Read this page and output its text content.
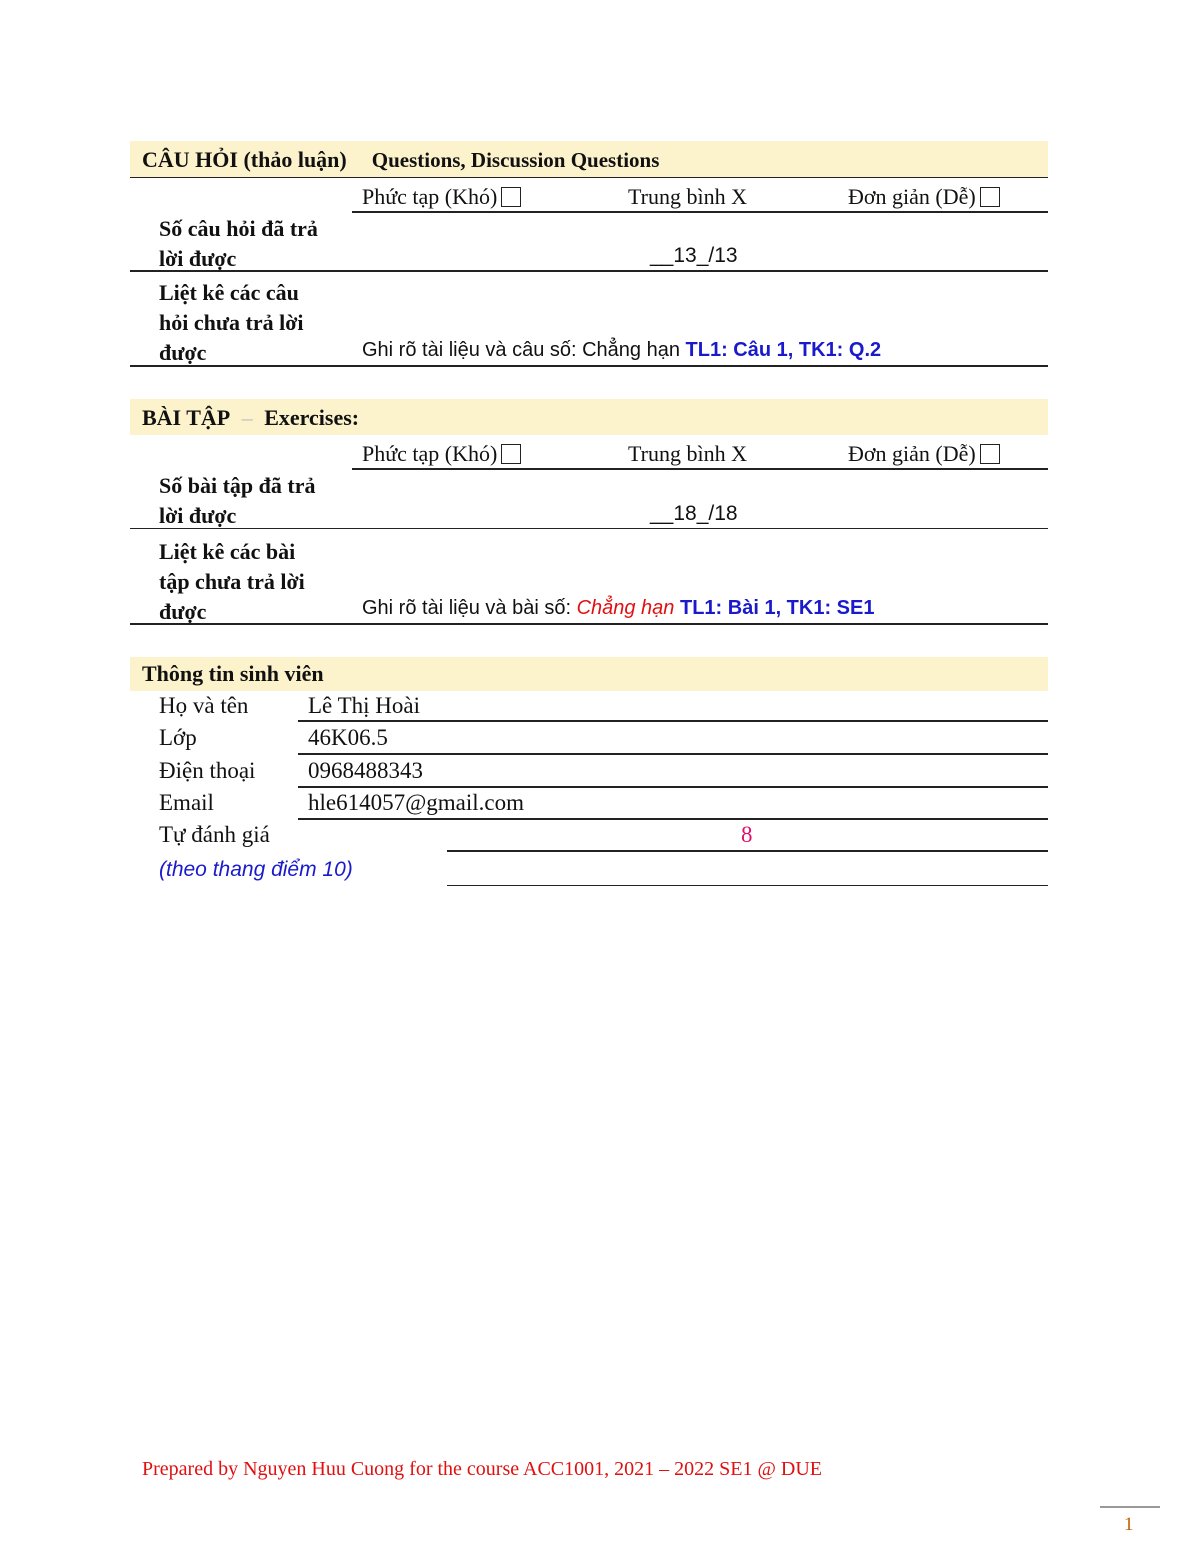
CÂU HỎI (thảo luận) Questions, Discussion Questions
Phức tạp (Khó)	Trung bình X	Đơn giản (Dễ)
Số câu hỏi đã trả
lời được	__13_/13
Liệt kê các câu
hỏi chưa trả lời
được	Ghi rõ tài liệu và câu số: Chẳng hạn TL1: Câu 1, TK1: Q.2
BÀI TẬP – Exercises:
Phức tạp (Khó)	Trung bình X	Đơn giản (Dễ)
Số bài tập đã trả
lời được	__18_/18
Liệt kê các bài
tập chưa trả lời
được	Ghi rõ tài liệu và bài số: Chẳng hạn TL1: Bài 1, TK1: SE1
Thông tin sinh viên
Họ và tên	Lê Thị Hoài
Lớp	46K06.5
Điện thoại 0968488343
Email	hle614057@gmail.com
Tự đánh giá	8
(theo thang điểm 10)
Prepared by Nguyen Huu Cuong for the course ACC1001, 2021 – 2022 SE1 @ DUE
1
